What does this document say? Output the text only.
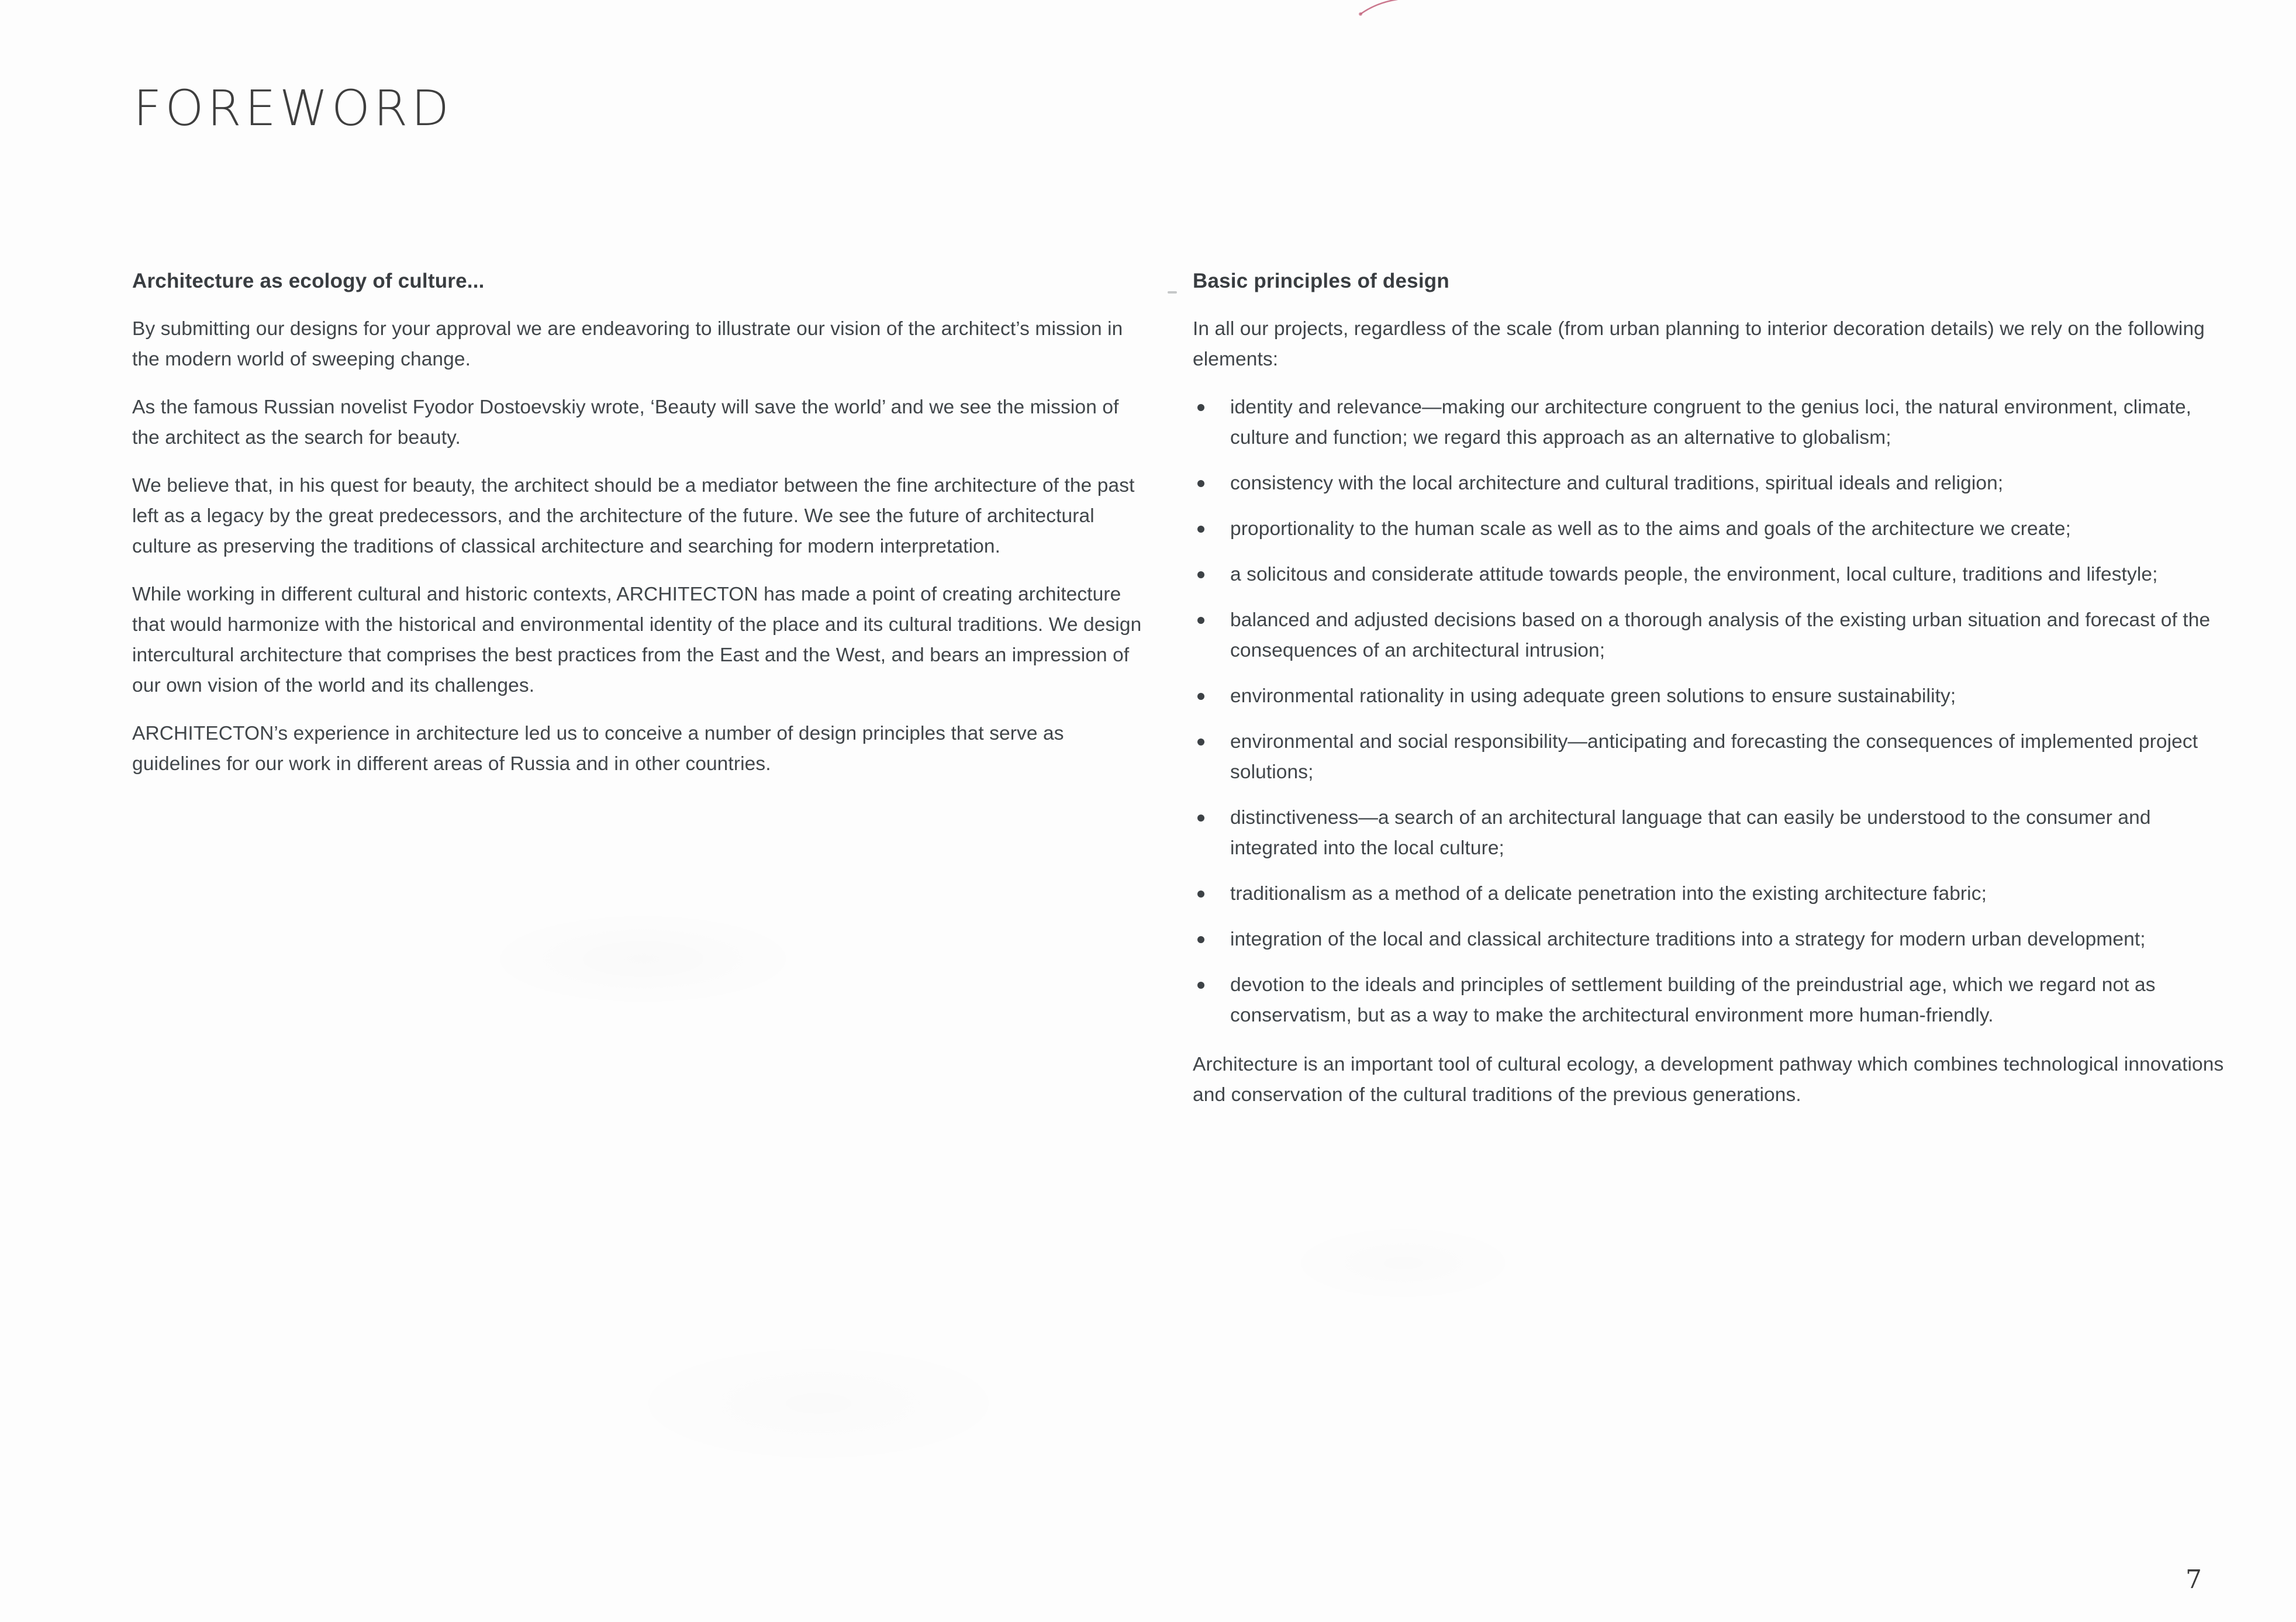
FOREWORD
Architecture as ecology of culture...

By submitting our designs for your approval we are endeavoring to illustrate our vision of the architect’s mission in the modern world of sweeping change.

As the famous Russian novelist Fyodor Dostoevskiy wrote, ‘Beauty will save the world’ and we see the mission of the architect as the search for beauty.

We believe that, in his quest for beauty, the architect should be a mediator between the fine architecture of the past left as a legacy by the great predecessors, and the architecture of the future. We see the future of architectural culture as preserving the traditions of classical architecture and searching for modern interpretation.

While working in different cultural and historic contexts, ARCHITECTON has made a point of creating architecture that would harmonize with the historical and environmental identity of the place and its cultural traditions. We design intercultural architecture that comprises the best practices from the East and the West, and bears an impression of our own vision of the world and its challenges.

ARCHITECTON’s experience in architecture led us to conceive a number of design principles that serve as guidelines for our work in different areas of Russia and in other countries.

Basic principles of design

In all our projects, regardless of the scale (from urban planning to interior decoration details) we rely on the following elements:

identity and relevance—making our architecture congruent to the genius loci, the natural environment, climate, culture and function; we regard this approach as an alternative to globalism;
consistency with the local architecture and cultural traditions, spiritual ideals and religion;
proportionality to the human scale as well as to the aims and goals of the architecture we create;
a solicitous and considerate attitude towards people, the environment, local culture, traditions and lifestyle;
balanced and adjusted decisions based on a thorough analysis of the existing urban situation and forecast of the consequences of an architectural intrusion;
environmental rationality in using adequate green solutions to ensure sustainability;
environmental and social responsibility—anticipating and forecasting the consequences of implemented project solutions;
distinctiveness—a search of an architectural language that can easily be understood to the consumer and integrated into the local culture;
traditionalism as a method of a delicate penetration into the existing architecture fabric;
integration of the local and classical architecture traditions into a strategy for modern urban development;
devotion to the ideals and principles of settlement building of the preindustrial age, which we regard not as conservatism, but as a way to make the architectural environment more human-friendly.

Architecture is an important tool of cultural ecology, a development pathway which combines technological innovations and conservation of the cultural traditions of the previous generations.

7
